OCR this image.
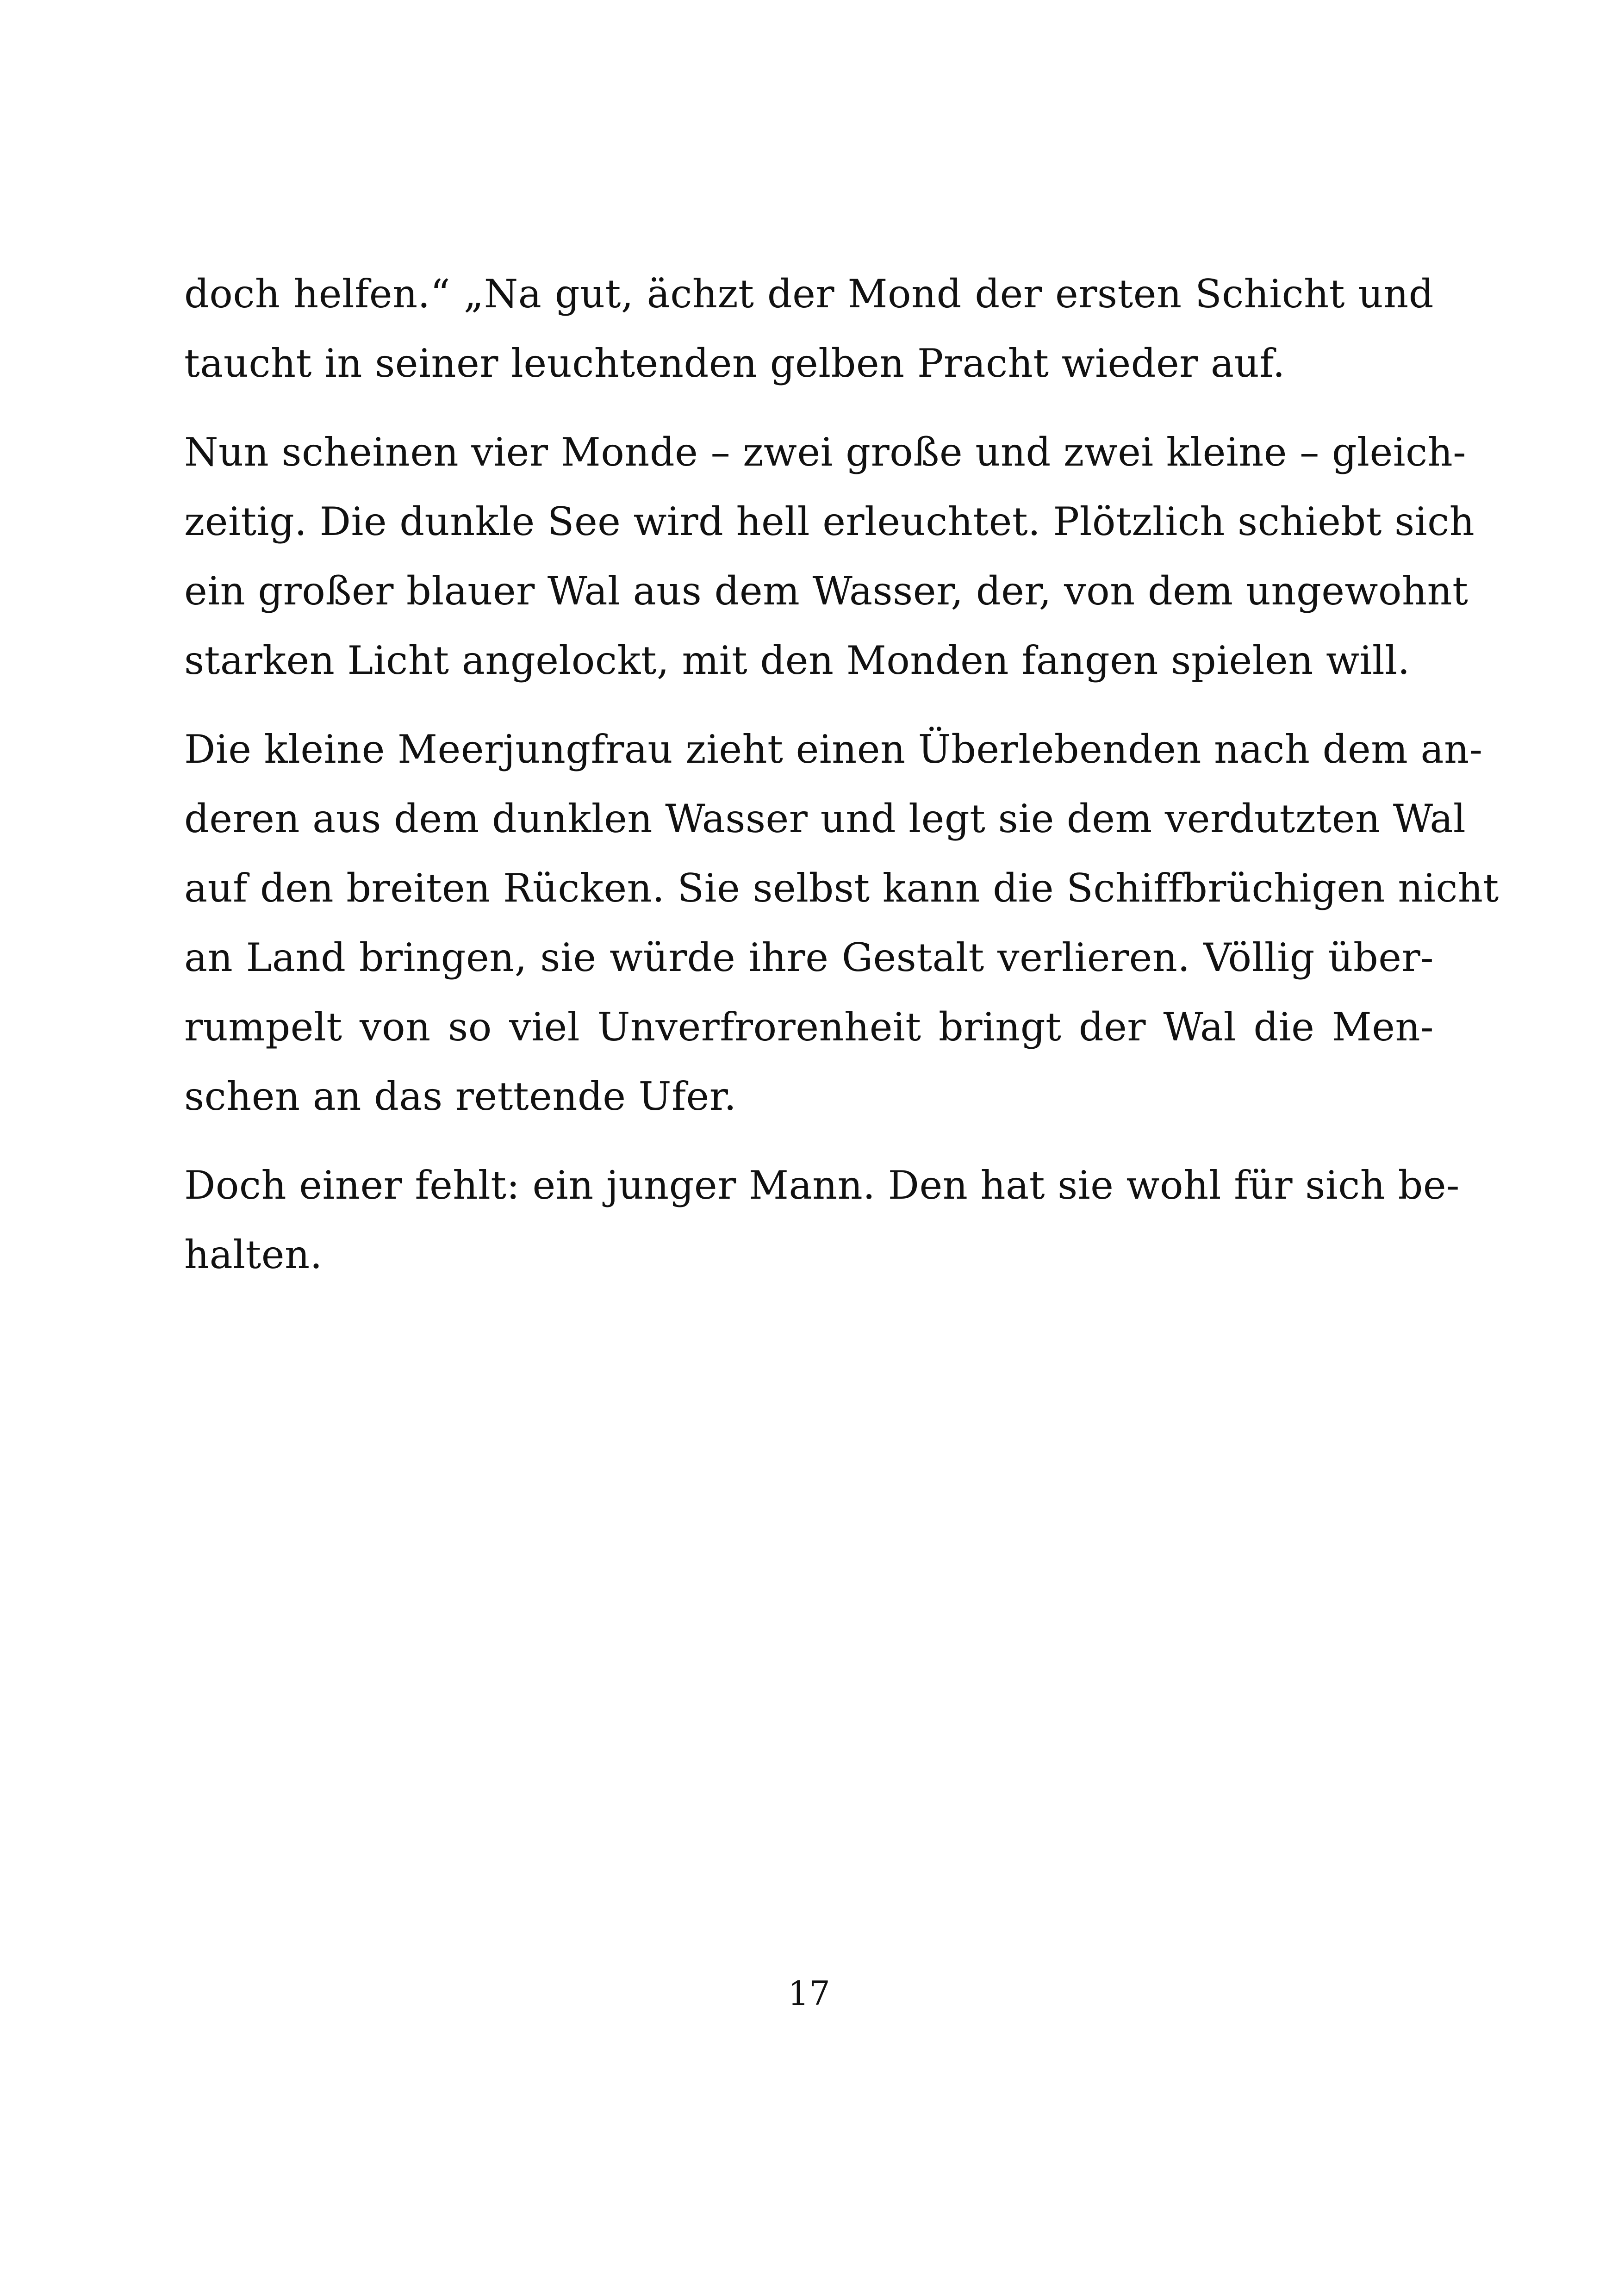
doch helfen.“ „Na gut, ächzt der Mond der ersten Schicht und
taucht in seiner leuchtenden gelben Pracht wieder auf.

Nun scheinen vier Monde – zwei große und zwei kleine – gleich-
zeitig. Die dunkle See wird hell erleuchtet. Plötzlich schiebt sich
ein großer blauer Wal aus dem Wasser, der, von dem ungewohnt
starken Licht angelockt, mit den Monden fangen spielen will.

Die kleine Meerjungfrau zieht einen Überlebenden nach dem an-
deren aus dem dunklen Wasser und legt sie dem verdutzten Wal
auf den breiten Rücken. Sie selbst kann die Schiffbrüchigen nicht
an Land bringen, sie würde ihre Gestalt verlieren. Völlig über-
rumpelt von so viel Unverfrorenheit bringt der Wal die Men-
schen an das rettende Ufer.

Doch einer fehlt: ein junger Mann. Den hat sie wohl für sich be-
halten.

17
